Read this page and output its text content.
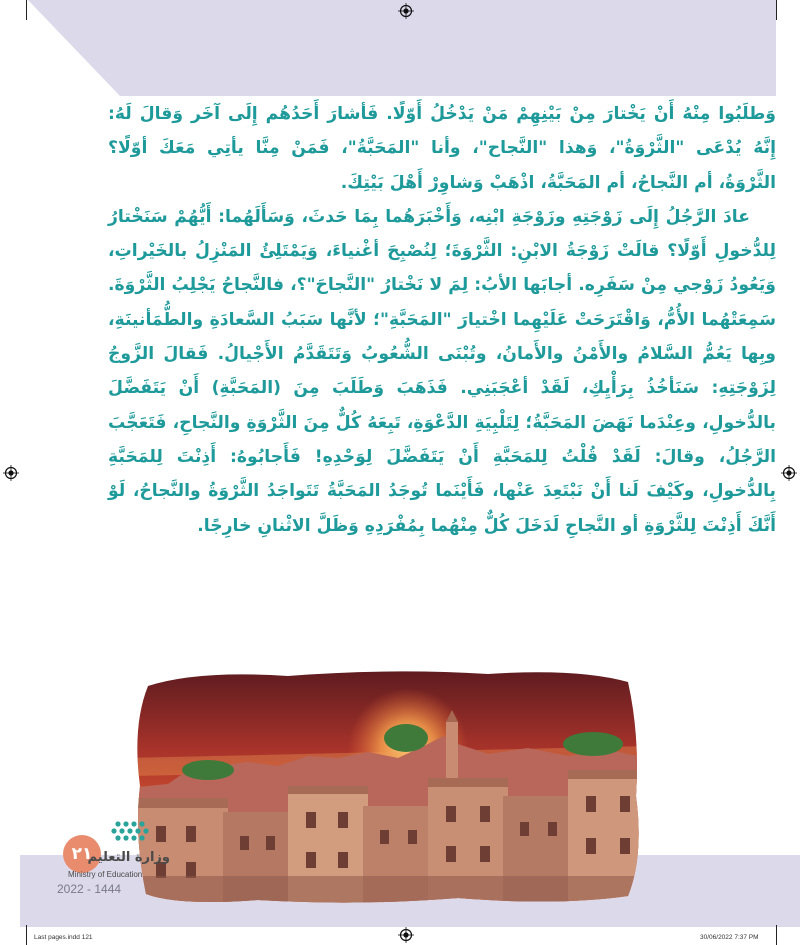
وَطلَبُوا مِنْهُ أَنْ يَخْتارَ مِنْ بَيْنِهِمْ مَنْ يَدْخُلُ أَوّلًا. فَأشارَ أَحَدُهُم إِلَى آخَر وَقالَ لَهُ: إِنَّهُ يُدْعَى "الثَّرْوَةُ"، وَهذا "النَّجاح"، وأنا "المَحَبَّةُ"، فَمَنْ مِنَّا يأتِي مَعَكَ أوّلًا؟ الثَّرْوَةُ، أم النَّجاحُ، أم المَحَبَّةُ، اذْهَبْ وَشاوِرْ أَهْلَ بَيْتِكَ.

عادَ الرَّجُلُ إِلَى زَوْجَتِهِ وزَوْجَةِ ابْنِه، وَأَخْبَرَهُما بِمَا حَدثَ، وَسَأَلَهُما: أَيُّهُمْ سَنَخْتارُ لِلدُّخولِ أَوّلًا؟ قالَتْ زَوْجَةُ الابْنِ: الثَّرْوَةَ؛ لِنُصْبِحَ أغْنياءَ، وَيَمْتَلِئُ المَنْزِلُ بالخَيْراتِ، وَيَعُودُ زَوْجي مِنْ سَفَرِه. أجابَها الأبُ: لِمَ لا نَخْتارُ "النَّجاحَ"؟، فالنَّجاحُ يَجْلِبُ الثَّرْوَةَ. سَمِعَتْهُما الأُمُّ، وَاقْتَرَحَتْ عَلَيْهِما اخْتيارَ "المَحَبَّةِ"؛ لأنَّها سَبَبُ السَّعادَةِ والطُّمَأنينَةِ، وبِها يَعُمُّ السَّلامُ والأَمْنُ والأَمانُ، وتُبْنَى الشُّعُوبُ وَتَتَقَدَّمُ الأَجْيالُ. فَقالَ الزَّوجُ لِزَوْجَتِهِ: سَنَأخُذُ بِرَأْيِكِ، لَقَدْ أعْجَبَنِي. فَذَهَبَ وَطَلَبَ مِنَ (المَحَبَّةِ) أَنْ يَتَفَضَّلَ بالدُّخولِ، وعِنْدَما نَهَضَ المَحَبَّةُ؛ لِتَلْبِيَةِ الدَّعْوَةِ، تَبِعَهُ كُلٌّ مِنَ الثَّرْوَةِ والنَّجاحِ، فَتَعَجَّبَ الرَّجُلُ، وقالَ: لَقَدْ قُلْتُ لِلمَحَبَّةِ أَنْ يَتَفَضَّلَ لِوَحْدِهِ! فَأَجابُوهُ: أَذِنْتَ لِلمَحَبَّةِ بِالدُّخولِ، وكَيْفَ لَنا أَنْ نَبْتَعِدَ عَنْها، فَأَيْنَما تُوجَدُ المَحَبَّةُ تَتَواجَدُ الثَّرْوَةُ والنَّجاحُ، لَوْ أَنَّكَ أَذِنْتَ لِلثَّرْوَةِ أو النَّجاحِ لَدَخَلَ كُلٌّ مِنْهُما بِمُفْرَدِهِ وَظَلَّ الاثْنانِ خارِجًا.

٢١
وزارة التعليم
Ministry of Education
2022 - 1444
Last pages.indd 121	30/06/2022 7:37 PM
